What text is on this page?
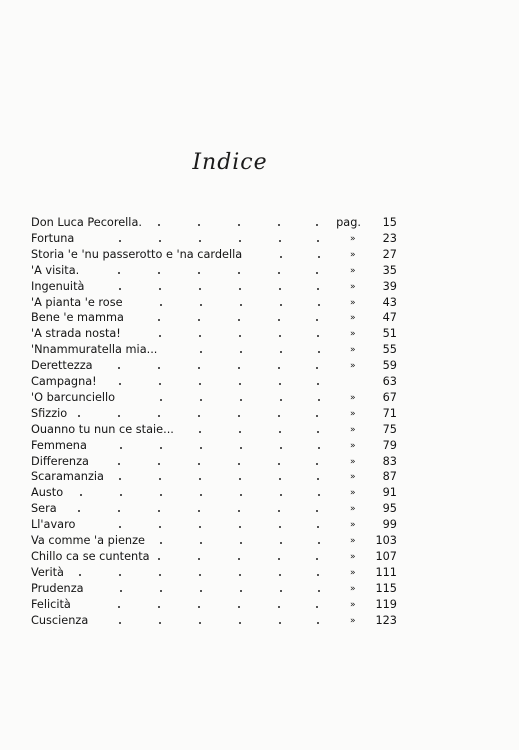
Indice
Don Luca Pecorella.	pag.	15
Fortuna	»	23
Storia 'e 'nu passerotto e 'na cardella	»	27
'A visita.	»	35
Ingenuità	»	39
'A pianta 'e rose	»	43
Bene 'e mamma	»	47
'A strada nosta!	»	51
'Nnammuratella mia...	»	55
Derettezza	»	59
Campagna!	63
'O barcunciello	»	67
Sfizzio	»	71
Ouanno tu nun ce staie...	»	75
Femmena	»	79
Differenza	»	83
Scaramanzia	»	87
Austo	»	91
Sera	»	95
Ll'avaro	»	99
Va comme 'a pienze	»	103
Chillo ca se cuntenta	»	107
Verità	»	111
Prudenza	»	115
Felicità	»	119
Cuscienza	»	123
